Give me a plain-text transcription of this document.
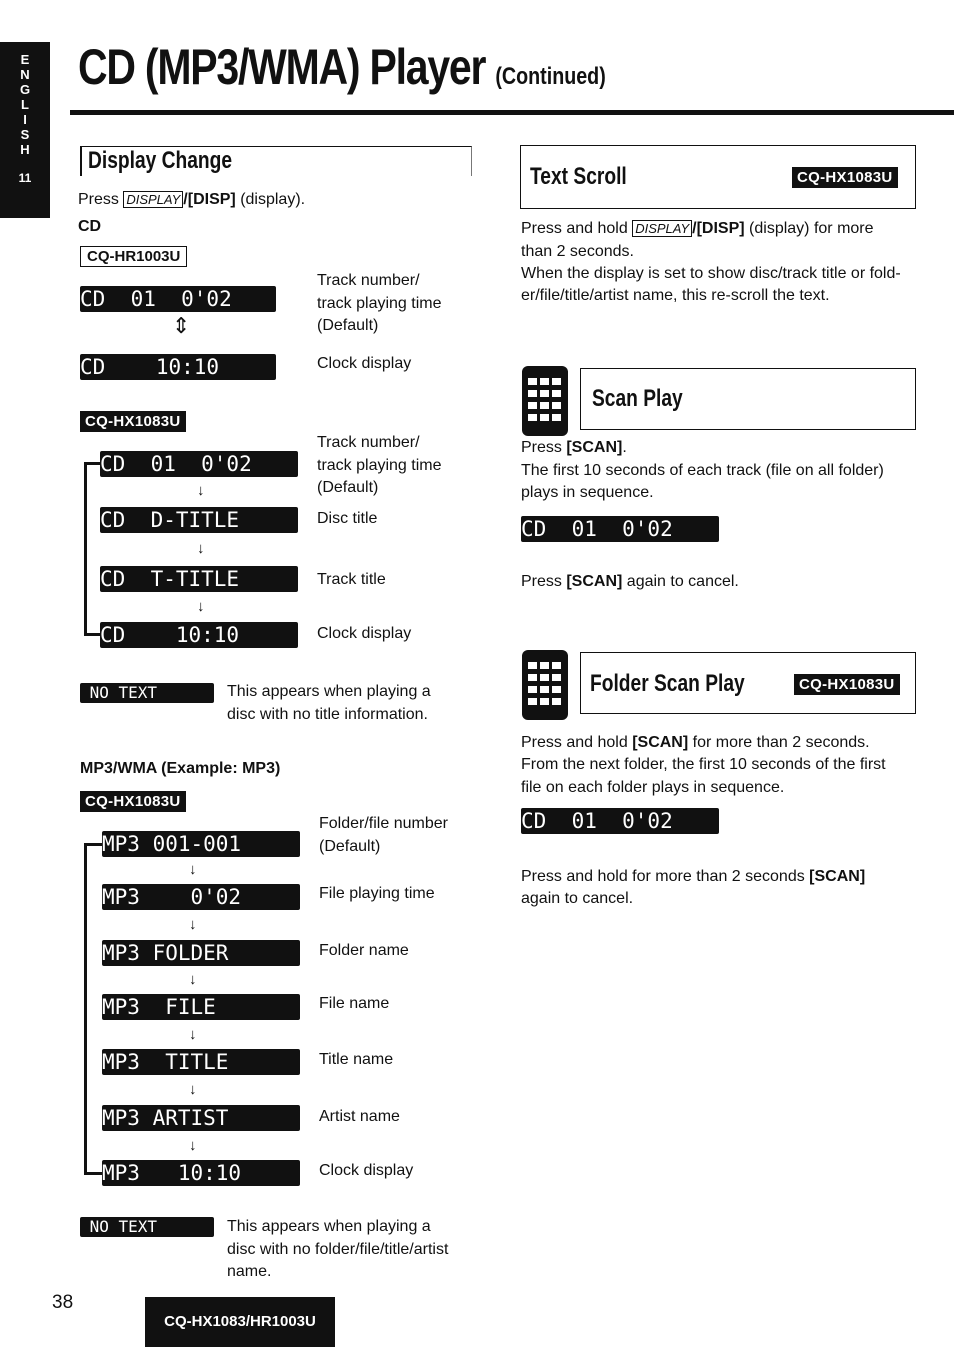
E
N
G
L
I
S
H
11
CD (MP3/WMA) Player (Continued)
Display Change
Press DISPLAY /[DISP] (display).
CD
CQ-HR1003U
CD  01  0'02
⇕
CD    10:10
Track number/
track playing time
(Default)
Clock display
CQ-HX1083U
CD  01  0'02
↓
CD  D-TITLE
↓
CD  T-TITLE
↓
CD    10:10
Track number/
track playing time
(Default)
Disc title
Track title
Clock display
NO TEXT	This appears when playing a
disc with no title information.
MP3/WMA (Example: MP3)
CQ-HX1083U
MP3 001-001
↓
MP3    0'02
↓
MP3 FOLDER
↓
MP3  FILE
↓
MP3  TITLE
↓
MP3 ARTIST
↓
MP3   10:10
Folder/file number
(Default)
File playing time
Folder name
File name
Title name
Artist name
Clock display
NO TEXT	This appears when playing a
disc with no folder/file/title/artist
name.
Text Scroll	CQ-HX1083U
Press and hold DISPLAY /[DISP] (display) for more
than 2 seconds.
When the display is set to show disc/track title or fold-
er/file/title/artist name, this re-scroll the text.
Scan Play
Press [SCAN].
The first 10 seconds of each track (file on all folder)
plays in sequence.
CD  01  0'02
Press [SCAN] again to cancel.
Folder Scan Play	CQ-HX1083U
Press and hold [SCAN] for more than 2 seconds.
From the next folder, the first 10 seconds of the first
file on each folder plays in sequence.
CD  01  0'02
Press and hold for more than 2 seconds [SCAN]
again to cancel.
38
CQ-HX1083/HR1003U
